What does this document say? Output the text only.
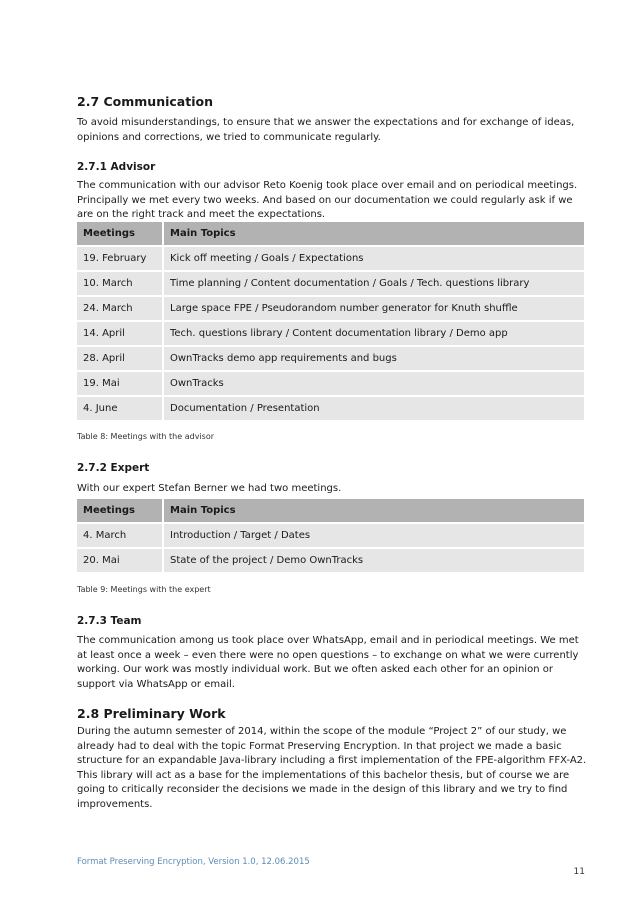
2.7 Communication
To avoid misunderstandings, to ensure that we answer the expectations and for exchange of ideas, opinions and corrections, we tried to communicate regularly.
2.7.1 Advisor
The communication with our advisor Reto Koenig took place over email and on periodical meetings. Principally we met every two weeks. And based on our documentation we could regularly ask if we are on the right track and meet the expectations.
Meetings	Main Topics
19. February	Kick off meeting / Goals / Expectations
10. March	Time planning / Content documentation / Goals / Tech. questions library
24. March	Large space FPE / Pseudorandom number generator for Knuth shuffle
14. April	Tech. questions library / Content documentation library / Demo app
28. April	OwnTracks demo app requirements and bugs
19. Mai	OwnTracks
4. June	Documentation / Presentation
Table 8: Meetings with the advisor
2.7.2 Expert
With our expert Stefan Berner we had two meetings.
Meetings	Main Topics
4. March	Introduction / Target / Dates
20. Mai	State of the project / Demo OwnTracks
Table 9: Meetings with the expert
2.7.3 Team
The communication among us took place over WhatsApp, email and in periodical meetings. We met at least once a week – even there were no open questions – to exchange on what we were currently working. Our work was mostly individual work. But we often asked each other for an opinion or support via WhatsApp or email.
2.8 Preliminary Work
During the autumn semester of 2014, within the scope of the module “Project 2” of our study, we already had to deal with the topic Format Preserving Encryption. In that project we made a basic structure for an expandable Java-library including a first implementation of the FPE-algorithm FFX-A2. This library will act as a base for the implementations of this bachelor thesis, but of course we are going to critically reconsider the decisions we made in the design of this library and we try to find improvements.
Format Preserving Encryption, Version 1.0, 12.06.2015
11
